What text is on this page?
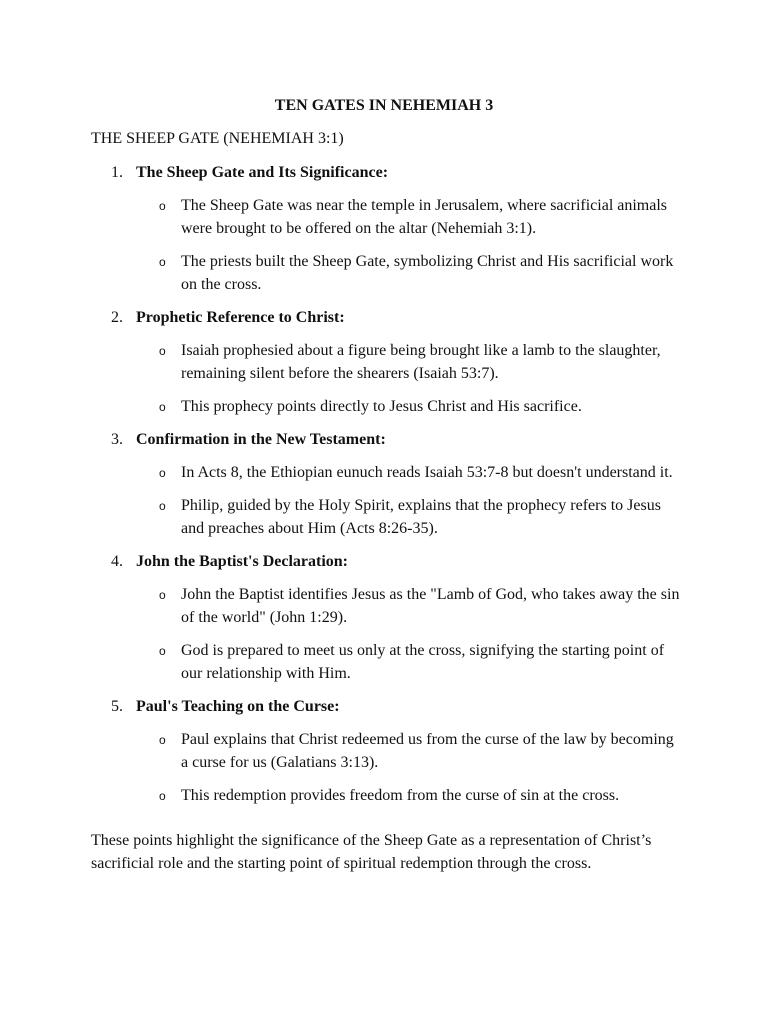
TEN GATES IN NEHEMIAH 3
THE SHEEP GATE (NEHEMIAH 3:1)
1. The Sheep Gate and Its Significance:
o The Sheep Gate was near the temple in Jerusalem, where sacrificial animals were brought to be offered on the altar (Nehemiah 3:1).
o The priests built the Sheep Gate, symbolizing Christ and His sacrificial work on the cross.
2. Prophetic Reference to Christ:
o Isaiah prophesied about a figure being brought like a lamb to the slaughter, remaining silent before the shearers (Isaiah 53:7).
o This prophecy points directly to Jesus Christ and His sacrifice.
3. Confirmation in the New Testament:
o In Acts 8, the Ethiopian eunuch reads Isaiah 53:7-8 but doesn't understand it.
o Philip, guided by the Holy Spirit, explains that the prophecy refers to Jesus and preaches about Him (Acts 8:26-35).
4. John the Baptist's Declaration:
o John the Baptist identifies Jesus as the "Lamb of God, who takes away the sin of the world" (John 1:29).
o God is prepared to meet us only at the cross, signifying the starting point of our relationship with Him.
5. Paul's Teaching on the Curse:
o Paul explains that Christ redeemed us from the curse of the law by becoming a curse for us (Galatians 3:13).
o This redemption provides freedom from the curse of sin at the cross.
These points highlight the significance of the Sheep Gate as a representation of Christ’s sacrificial role and the starting point of spiritual redemption through the cross.
